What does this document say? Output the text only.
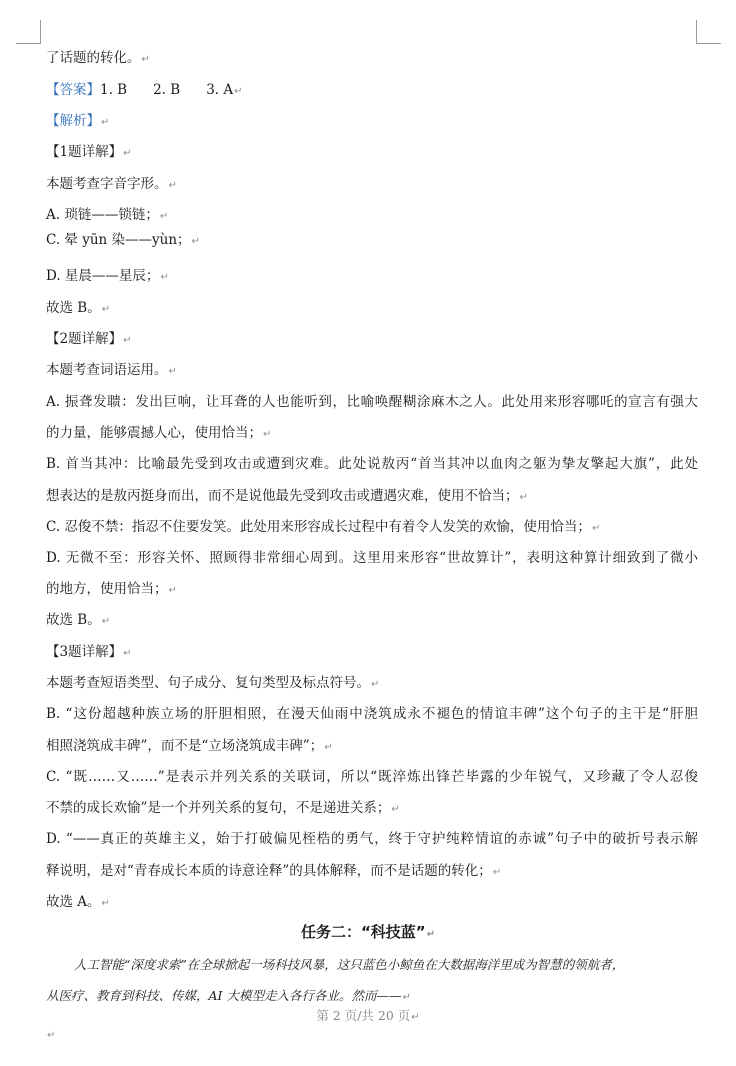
了话题的转化。↵
【答案】1. B 2. B 3. A↵
【解析】↵
【1题详解】↵
本题考查字音字形。↵
A. 琐链——锁链；↵
C. 晕 yūn 染——yùn；↵
D. 星晨——星辰；↵
故选 B。↵
【2题详解】↵
本题考查词语运用。↵
A. 振聋发聩：发出巨响，让耳聋的人也能听到，比喻唤醒糊涂麻木之人。此处用来形容哪吒的宣言有强大
的力量，能够震撼人心，使用恰当；↵
B. 首当其冲：比喻最先受到攻击或遭到灾难。此处说敖丙“首当其冲以血肉之躯为挚友擎起大旗”，此处
想表达的是敖丙挺身而出，而不是说他最先受到攻击或遭遇灾难，使用不恰当；↵
C. 忍俊不禁：指忍不住要发笑。此处用来形容成长过程中有着令人发笑的欢愉，使用恰当；↵
D. 无微不至：形容关怀、照顾得非常细心周到。这里用来形容“世故算计”，表明这种算计细致到了微小
的地方，使用恰当；↵
故选 B。↵
【3题详解】↵
本题考查短语类型、句子成分、复句类型及标点符号。↵
B. “这份超越种族立场的肝胆相照，在漫天仙雨中浇筑成永不褪色的情谊丰碑”这个句子的主干是“肝胆
相照浇筑成丰碑”，而不是“立场浇筑成丰碑”；↵
C. “既……又……”是表示并列关系的关联词，所以“既淬炼出锋芒毕露的少年锐气，又珍藏了令人忍俊
不禁的成长欢愉”是一个并列关系的复句，不是递进关系；↵
D. “——真正的英雄主义，始于打破偏见桎梏的勇气，终于守护纯粹情谊的赤诚”句子中的破折号表示解
释说明，是对“青春成长本质的诗意诠释”的具体解释，而不是话题的转化；↵
故选 A。↵
任务二：“科技蓝”↵
人工智能“深度求索”在全球掀起一场科技风暴，这只蓝色小鲸鱼在大数据海洋里成为智慧的领航者，
从医疗、教育到科技、传媒，AI 大模型走入各行各业。然而——↵
第 2 页/共 20 页↵
↵
